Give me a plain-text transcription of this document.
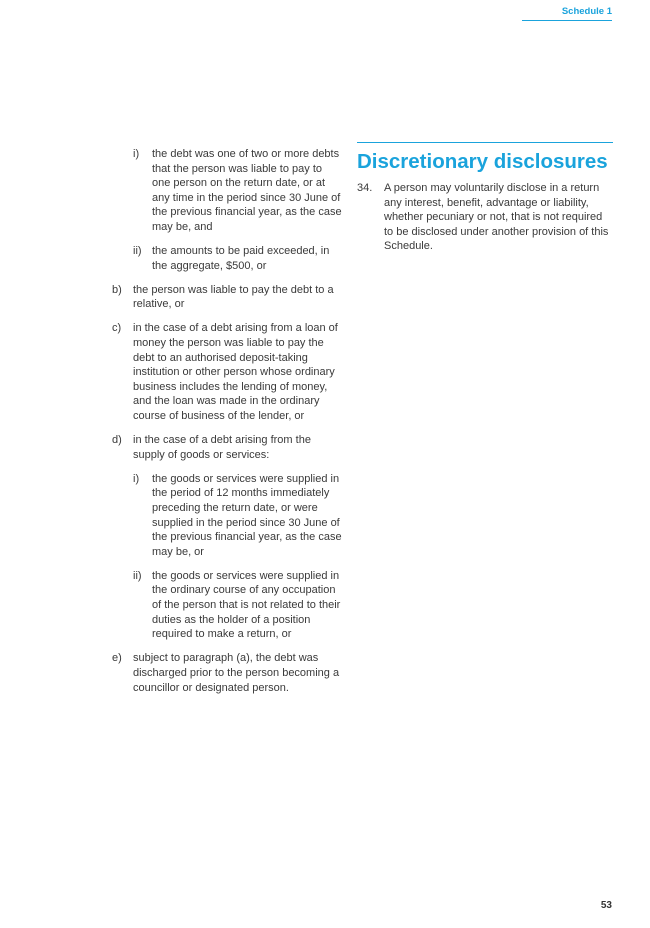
Schedule 1
i)	the debt was one of two or more debts that the person was liable to pay to one person on the return date, or at any time in the period since 30 June of the previous financial year, as the case may be, and
ii) the amounts to be paid exceeded, in the aggregate, $500, or
b)	the person was liable to pay the debt to a relative, or
c)	in the case of a debt arising from a loan of money the person was liable to pay the debt to an authorised deposit-taking institution or other person whose ordinary business includes the lending of money, and the loan was made in the ordinary course of business of the lender, or
d)	in the case of a debt arising from the supply of goods or services:
i)	the goods or services were supplied in the period of 12 months immediately preceding the return date, or were supplied in the period since 30 June of the previous financial year, as the case may be, or
ii) the goods or services were supplied in the ordinary course of any occupation of the person that is not related to their duties as the holder of a position required to make a return, or
e)	subject to paragraph (a), the debt was discharged prior to the person becoming a councillor or designated person.
Discretionary disclosures
34.	A person may voluntarily disclose in a return any interest, benefit, advantage or liability, whether pecuniary or not, that is not required to be disclosed under another provision of this Schedule.
53
